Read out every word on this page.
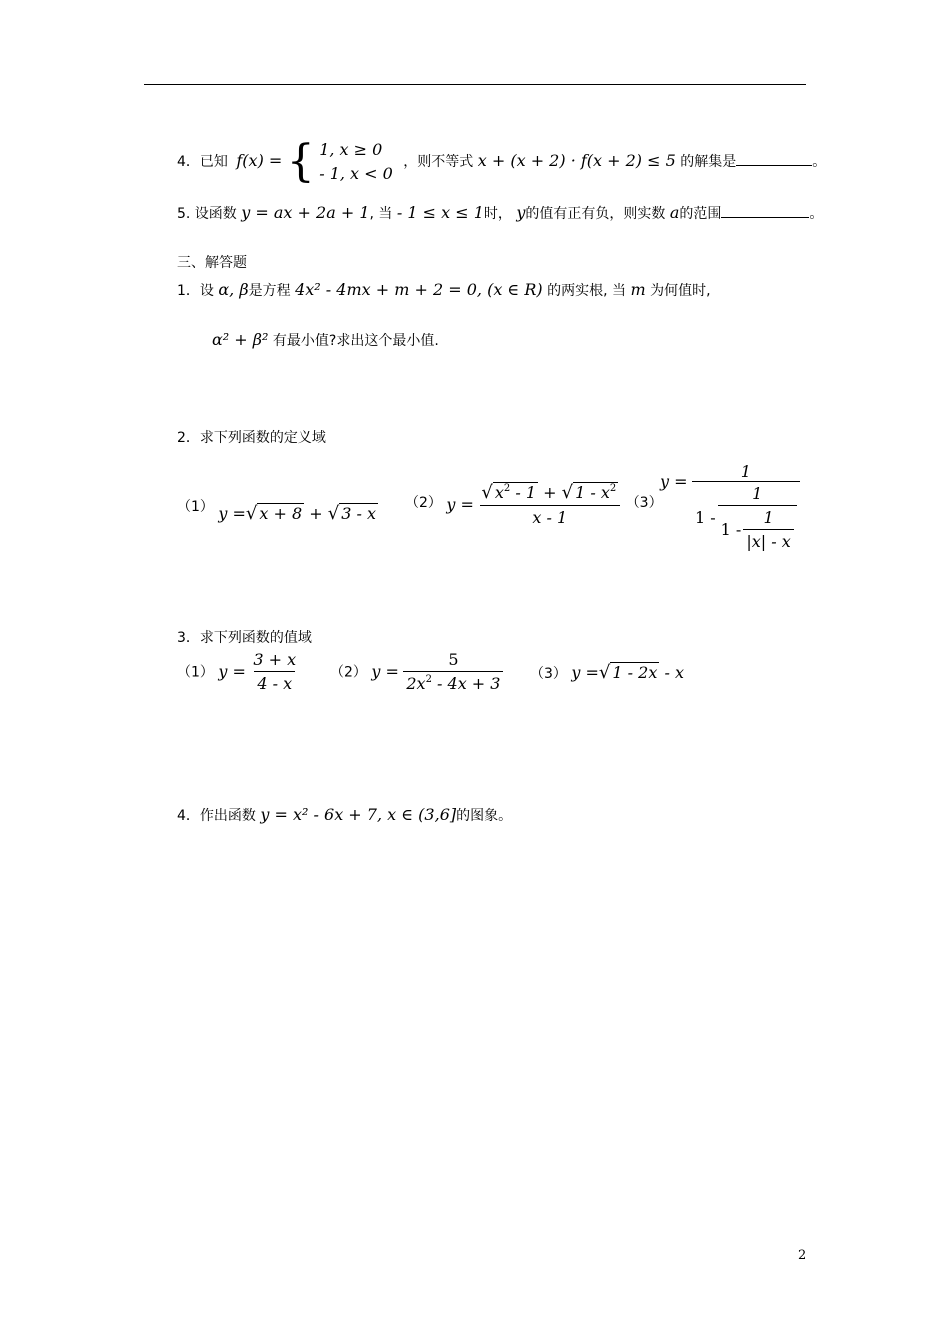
4．已知 f(x) = { 1, x ≥ 0
- 1, x < 0
，则不等式 x + (x + 2) · f(x + 2) ≤ 5 的解集是	。
5. 设函数 y = ax + 2a + 1, 当 - 1 ≤ x ≤ 1时， y的值有正有负，则实数 a的范围	。
三、解答题
1．设 α, β是方程 4x² - 4mx + m + 2 = 0, (x ∈ R) 的两实根, 当 m 为何值时,
α² + β² 有最小值?求出这个最小值.
2．求下列函数的定义域
（1） y =√ x + 8 + √ 3 - x
（2） $y = \frac{√ x^2 - 1 + √ 1 - x^2}{x - 1} (3)$
y =
1
$1 - \frac{1}{1 - \frac{1}{|x| - x}}$
3．求下列函数的值域
（1） $y = \frac{3 + x}{4 - x} (2) y = \frac{5}{2x^2 - 4x + 3} (3)$ y =√ 1 - 2x - x
4．作出函数 y = x² - 6x + 7, x ∈ (3,6]的图象。
2
